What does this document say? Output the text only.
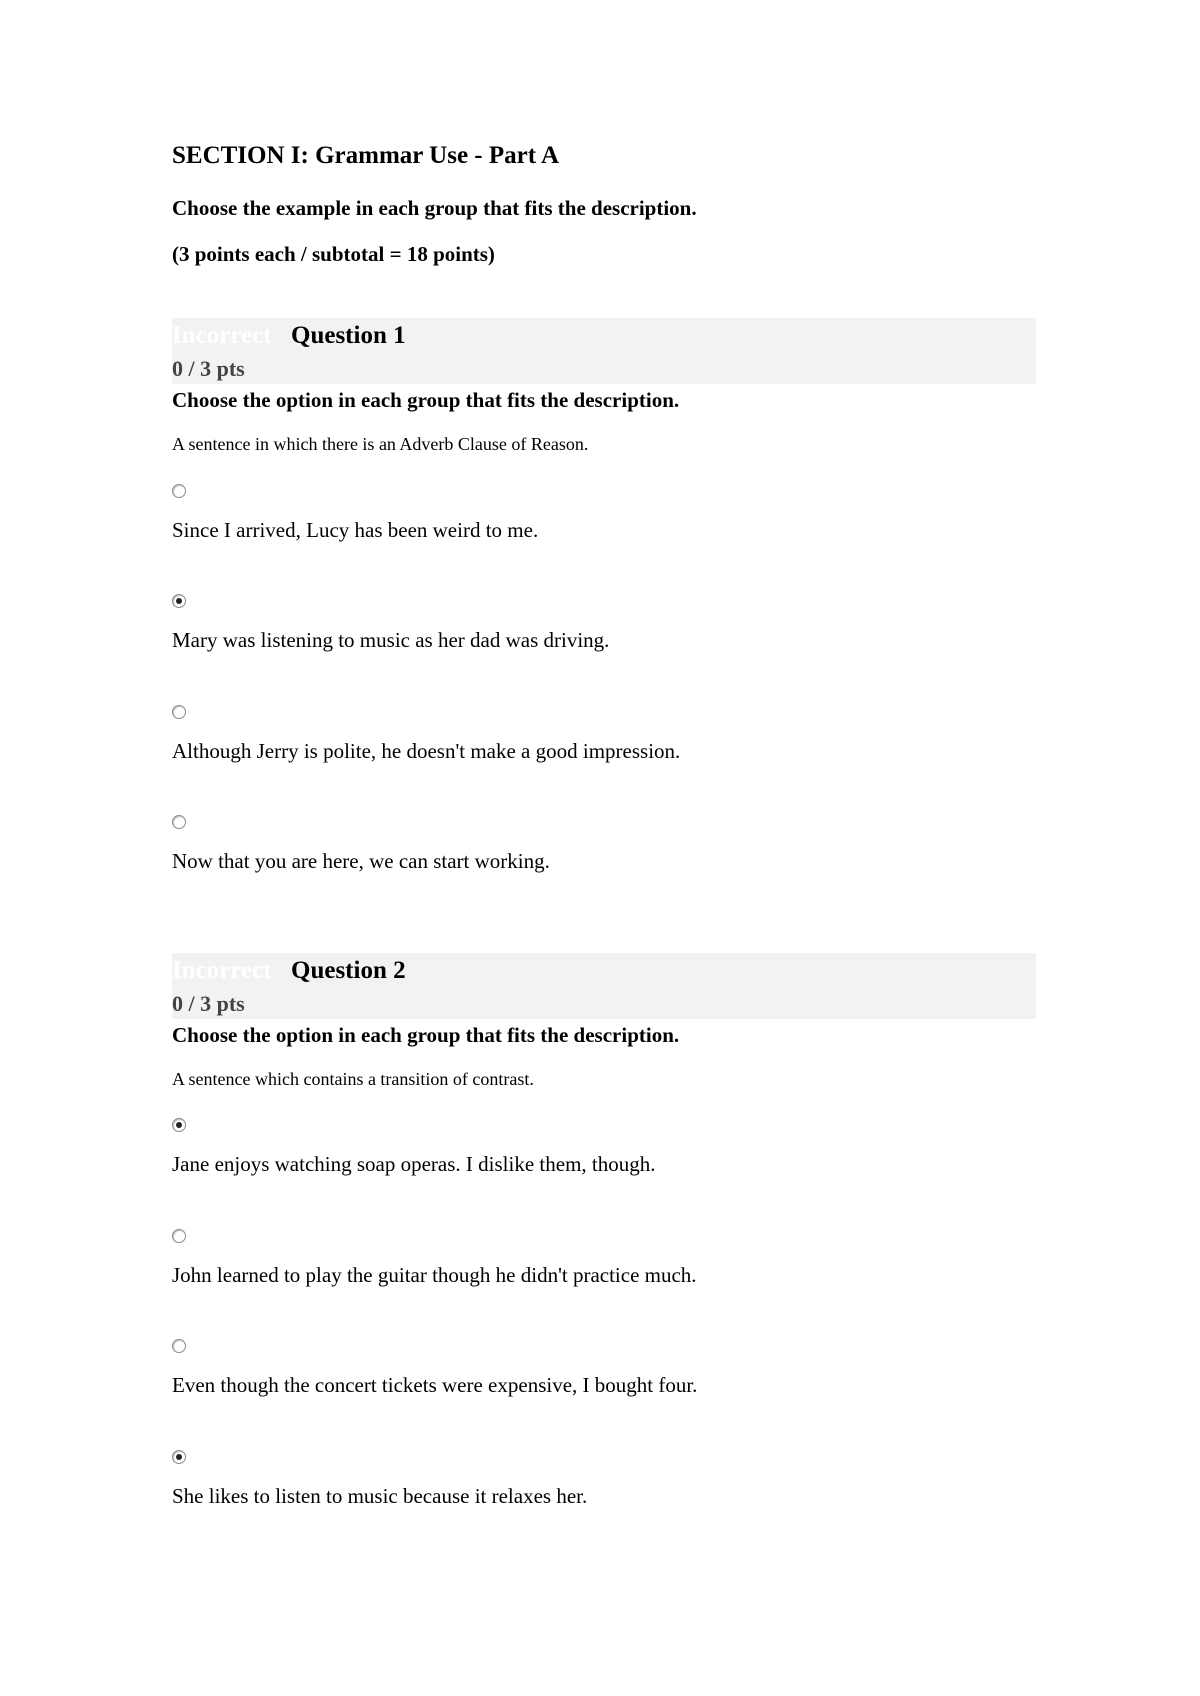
SECTION I: Grammar Use - Part A
Choose the example in each group that fits the description.
(3 points each / subtotal = 18 points)
Incorrect Question 1
0 / 3 pts
Choose the option in each group that fits the description.
A sentence in which there is an Adverb Clause of Reason.
Since I arrived, Lucy has been weird to me.
Mary was listening to music as her dad was driving.
Although Jerry is polite, he doesn't make a good impression.
Now that you are here, we can start working.
Incorrect Question 2
0 / 3 pts
Choose the option in each group that fits the description.
A sentence which contains a transition of contrast.
Jane enjoys watching soap operas. I dislike them, though.
John learned to play the guitar though he didn't practice much.
Even though the concert tickets were expensive, I bought four.
She likes to listen to music because it relaxes her.
